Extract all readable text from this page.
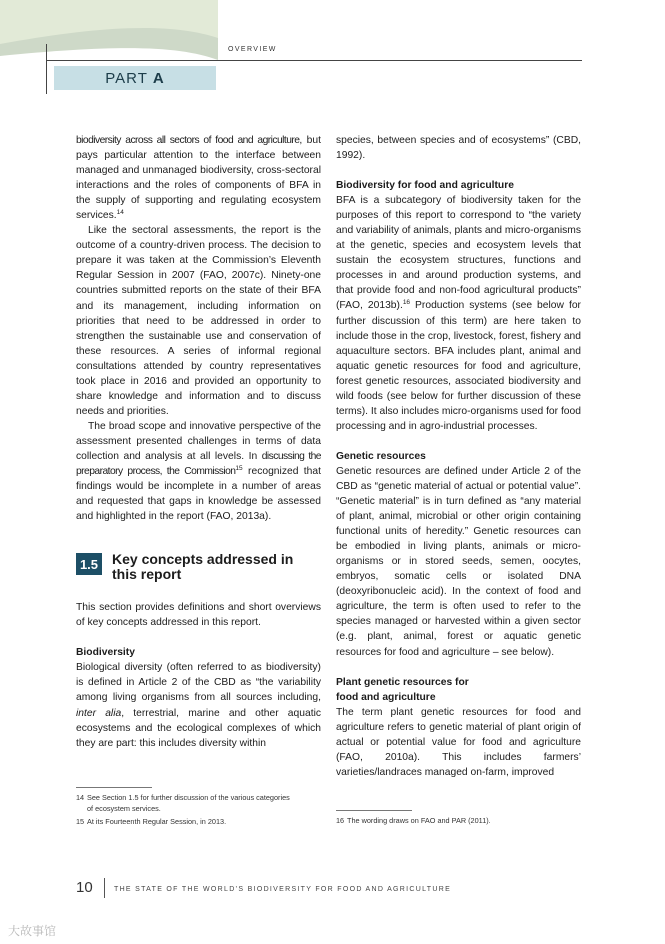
OVERVIEW
PART A

biodiversity across all sectors of food and agriculture, but pays particular attention to the interface between managed and unmanaged biodiversity, cross-sectoral interactions and the roles of components of BFA in the supply of supporting and regulating ecosystem services.$^{14}$

Like the sectoral assessments, the report is the outcome of a country-driven process. The decision to prepare it was taken at the Commission’s Eleventh Regular Session in 2007 (FAO, 2007c). Ninety-one countries submitted reports on the state of their BFA and its management, including information on priorities that need to be addressed in order to strengthen the sustainable use and conservation of these resources. A series of informal regional consultations attended by country representatives took place in 2016 and provided an opportunity to share knowledge and information and to discuss needs and priorities.

The broad scope and innovative perspective of the assessment presented challenges in terms of data collection and analysis at all levels. In discussing the preparatory process, the Commission$^{15}$ recognized that findings would be incomplete in a number of areas and requested that gaps in knowledge be assessed and highlighted in the report (FAO, 2013a).

1.5 Key concepts addressed in this report

This section provides definitions and short overviews of key concepts addressed in this report.

Biodiversity

Biological diversity (often referred to as biodiversity) is defined in Article 2 of the CBD as “the variability among living organisms from all sources including, inter alia, terrestrial, marine and other aquatic ecosystems and the ecological complexes of which they are part: this includes diversity within

14 See Section 1.5 for further discussion of the various categories
of ecosystem services.
15 At its Fourteenth Regular Session, in 2013.

species, between species and of ecosystems” (CBD, 1992).

Biodiversity for food and agriculture

BFA is a subcategory of biodiversity taken for the purposes of this report to correspond to “the variety and variability of animals, plants and micro-organisms at the genetic, species and ecosystem levels that sustain the ecosystem structures, functions and processes in and around production systems, and that provide food and non-food agricultural products” (FAO, 2013b).$^{16}$ Production systems (see below for further discussion of this term) are here taken to include those in the crop, livestock, forest, fishery and aquaculture sectors. BFA includes plant, animal and aquatic genetic resources for food and agriculture, forest genetic resources, associated biodiversity and wild foods (see below for further discussion of these terms). It also includes micro-organisms used for food processing and in agro-industrial processes.

Genetic resources

Genetic resources are defined under Article 2 of the CBD as “genetic material of actual or potential value”. “Genetic material” is in turn defined as “any material of plant, animal, microbial or other origin containing functional units of heredity.” Genetic resources can be embodied in living plants, animals or micro-organisms or in stored seeds, semen, oocytes, embryos, somatic cells or isolated DNA (deoxyribonucleic acid). In the context of food and agriculture, the term is often used to refer to the species managed or harvested within a given sector (e.g. plant, animal, forest or aquatic genetic resources for food and agriculture – see below).

Plant genetic resources for
food and agriculture

The term plant genetic resources for food and agriculture refers to genetic material of plant origin of actual or potential value for food and agriculture (FAO, 2010a). This includes farmers’ varieties/landraces managed on-farm, improved

16 The wording draws on FAO and PAR (2011).
10	THE STATE OF THE WORLD’S BIODIVERSITY FOR FOOD AND AGRICULTURE
大故事馆
